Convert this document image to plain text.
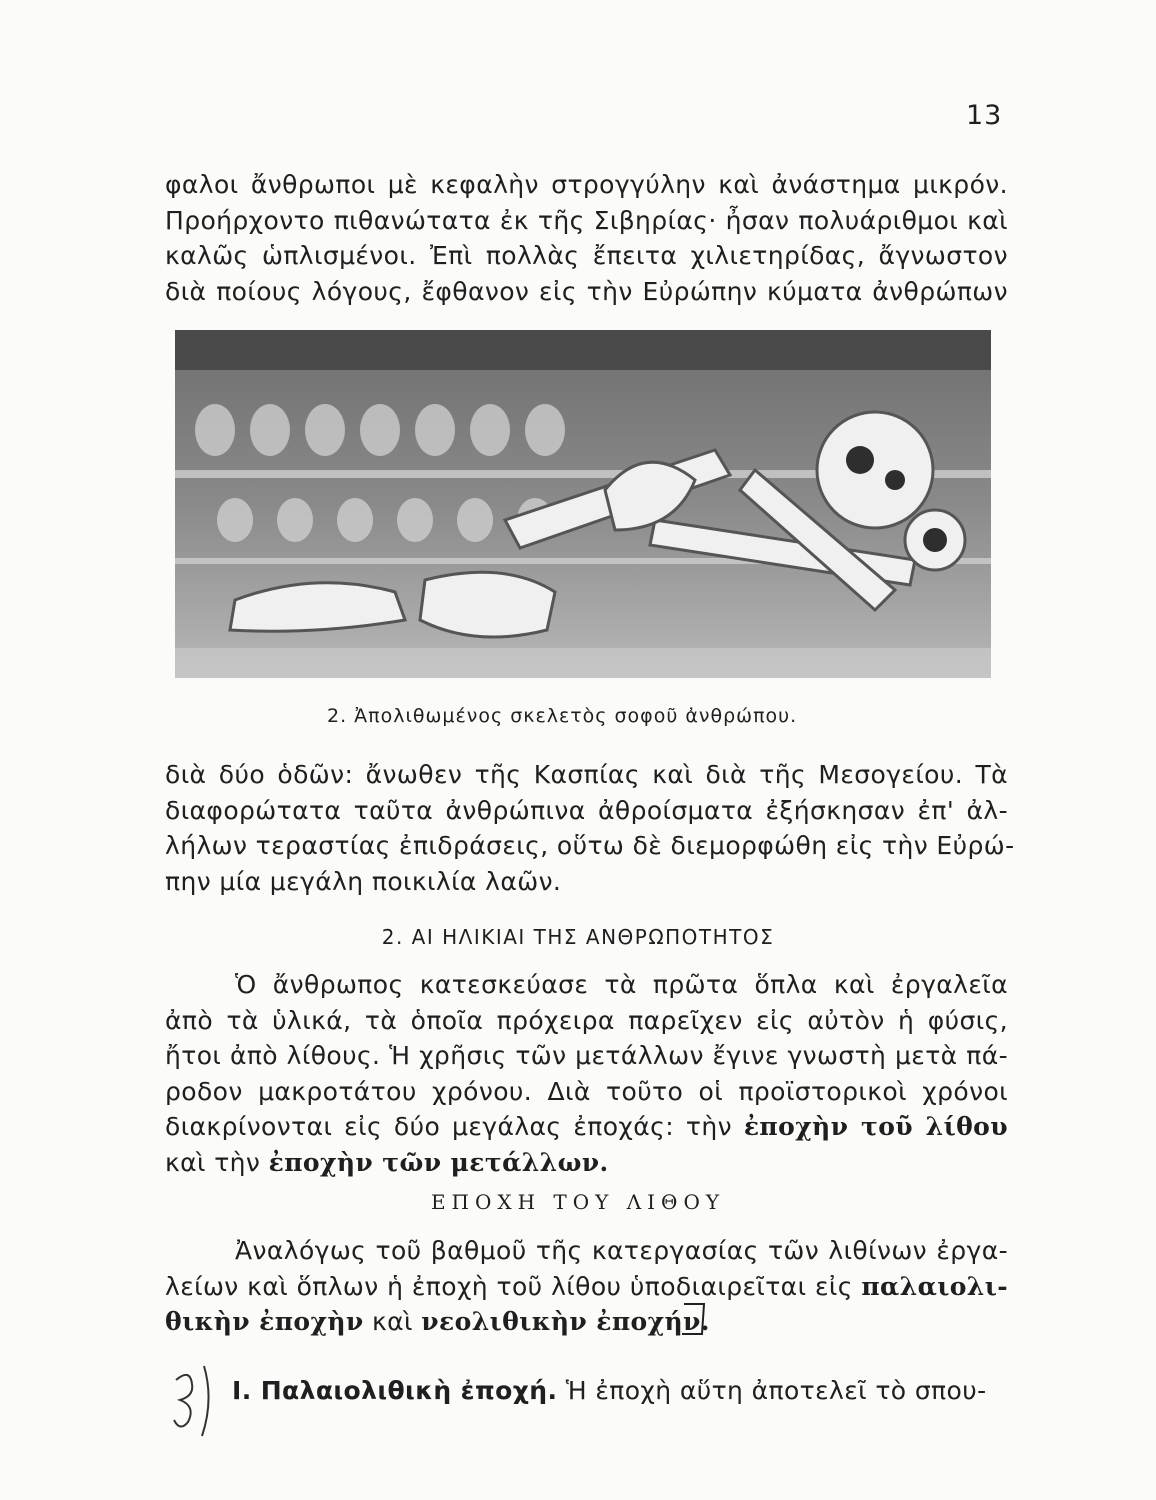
13
φαλοι ἄνθρωποι μὲ κεφαλὴν στρογγύλην καὶ ἀνάστημα μικρόν.
Προήρχοντο πιθανώτατα ἐκ τῆς Σιβηρίας· ἦσαν πολυάριθμοι καὶ
καλῶς ὡπλισμένοι. Ἐπὶ πολλὰς ἔπειτα χιλιετηρίδας, ἄγνωστον
διὰ ποίους λόγους, ἔφθανον εἰς τὴν Εὐρώπην κύματα ἀνθρώπων
2. Ἀπολιθωμένος σκελετὸς σοφοῦ ἀνθρώπου.
διὰ δύο ὁδῶν: ἄνωθεν τῆς Κασπίας καὶ διὰ τῆς Μεσογείου. Τὰ
διαφορώτατα ταῦτα ἀνθρώπινα ἀθροίσματα ἐξήσκησαν ἐπ' ἀλ-
λήλων τεραστίας ἐπιδράσεις, οὕτω δὲ διεμορφώθη εἰς τὴν Εὐρώ-
πην μία μεγάλη ποικιλία λαῶν.
2. ΑΙ ΗΛΙΚΙΑΙ ΤΗΣ ΑΝΘΡΩΠΟΤΗΤΟΣ
Ὁ ἄνθρωπος κατεσκεύασε τὰ πρῶτα ὅπλα καὶ ἐργαλεῖα
ἀπὸ τὰ ὑλικά, τὰ ὁποῖα πρόχειρα παρεῖχεν εἰς αὐτὸν ἡ φύσις,
ἤτοι ἀπὸ λίθους. Ἡ χρῆσις τῶν μετάλλων ἔγινε γνωστὴ μετὰ πά-
ροδον μακροτάτου χρόνου. Διὰ τοῦτο οἱ προϊστορικοὶ χρόνοι
διακρίνονται εἰς δύο μεγάλας ἐποχάς: τὴν ἐποχὴν τοῦ λίθου
καὶ τὴν ἐποχὴν τῶν μετάλλων.
ΕΠΟΧΗ ΤΟΥ ΛΙΘΟΥ
Ἀναλόγως τοῦ βαθμοῦ τῆς κατεργασίας τῶν λιθίνων ἐργα-
λείων καὶ ὅπλων ἡ ἐποχὴ τοῦ λίθου ὑποδιαιρεῖται εἰς παλαιολι-
θικὴν ἐποχὴν καὶ νεολιθικὴν ἐποχήν.
Ι. Παλαιολιθικὴ ἐποχή. Ἡ ἐποχὴ αὕτη ἀποτελεῖ τὸ σπου-
